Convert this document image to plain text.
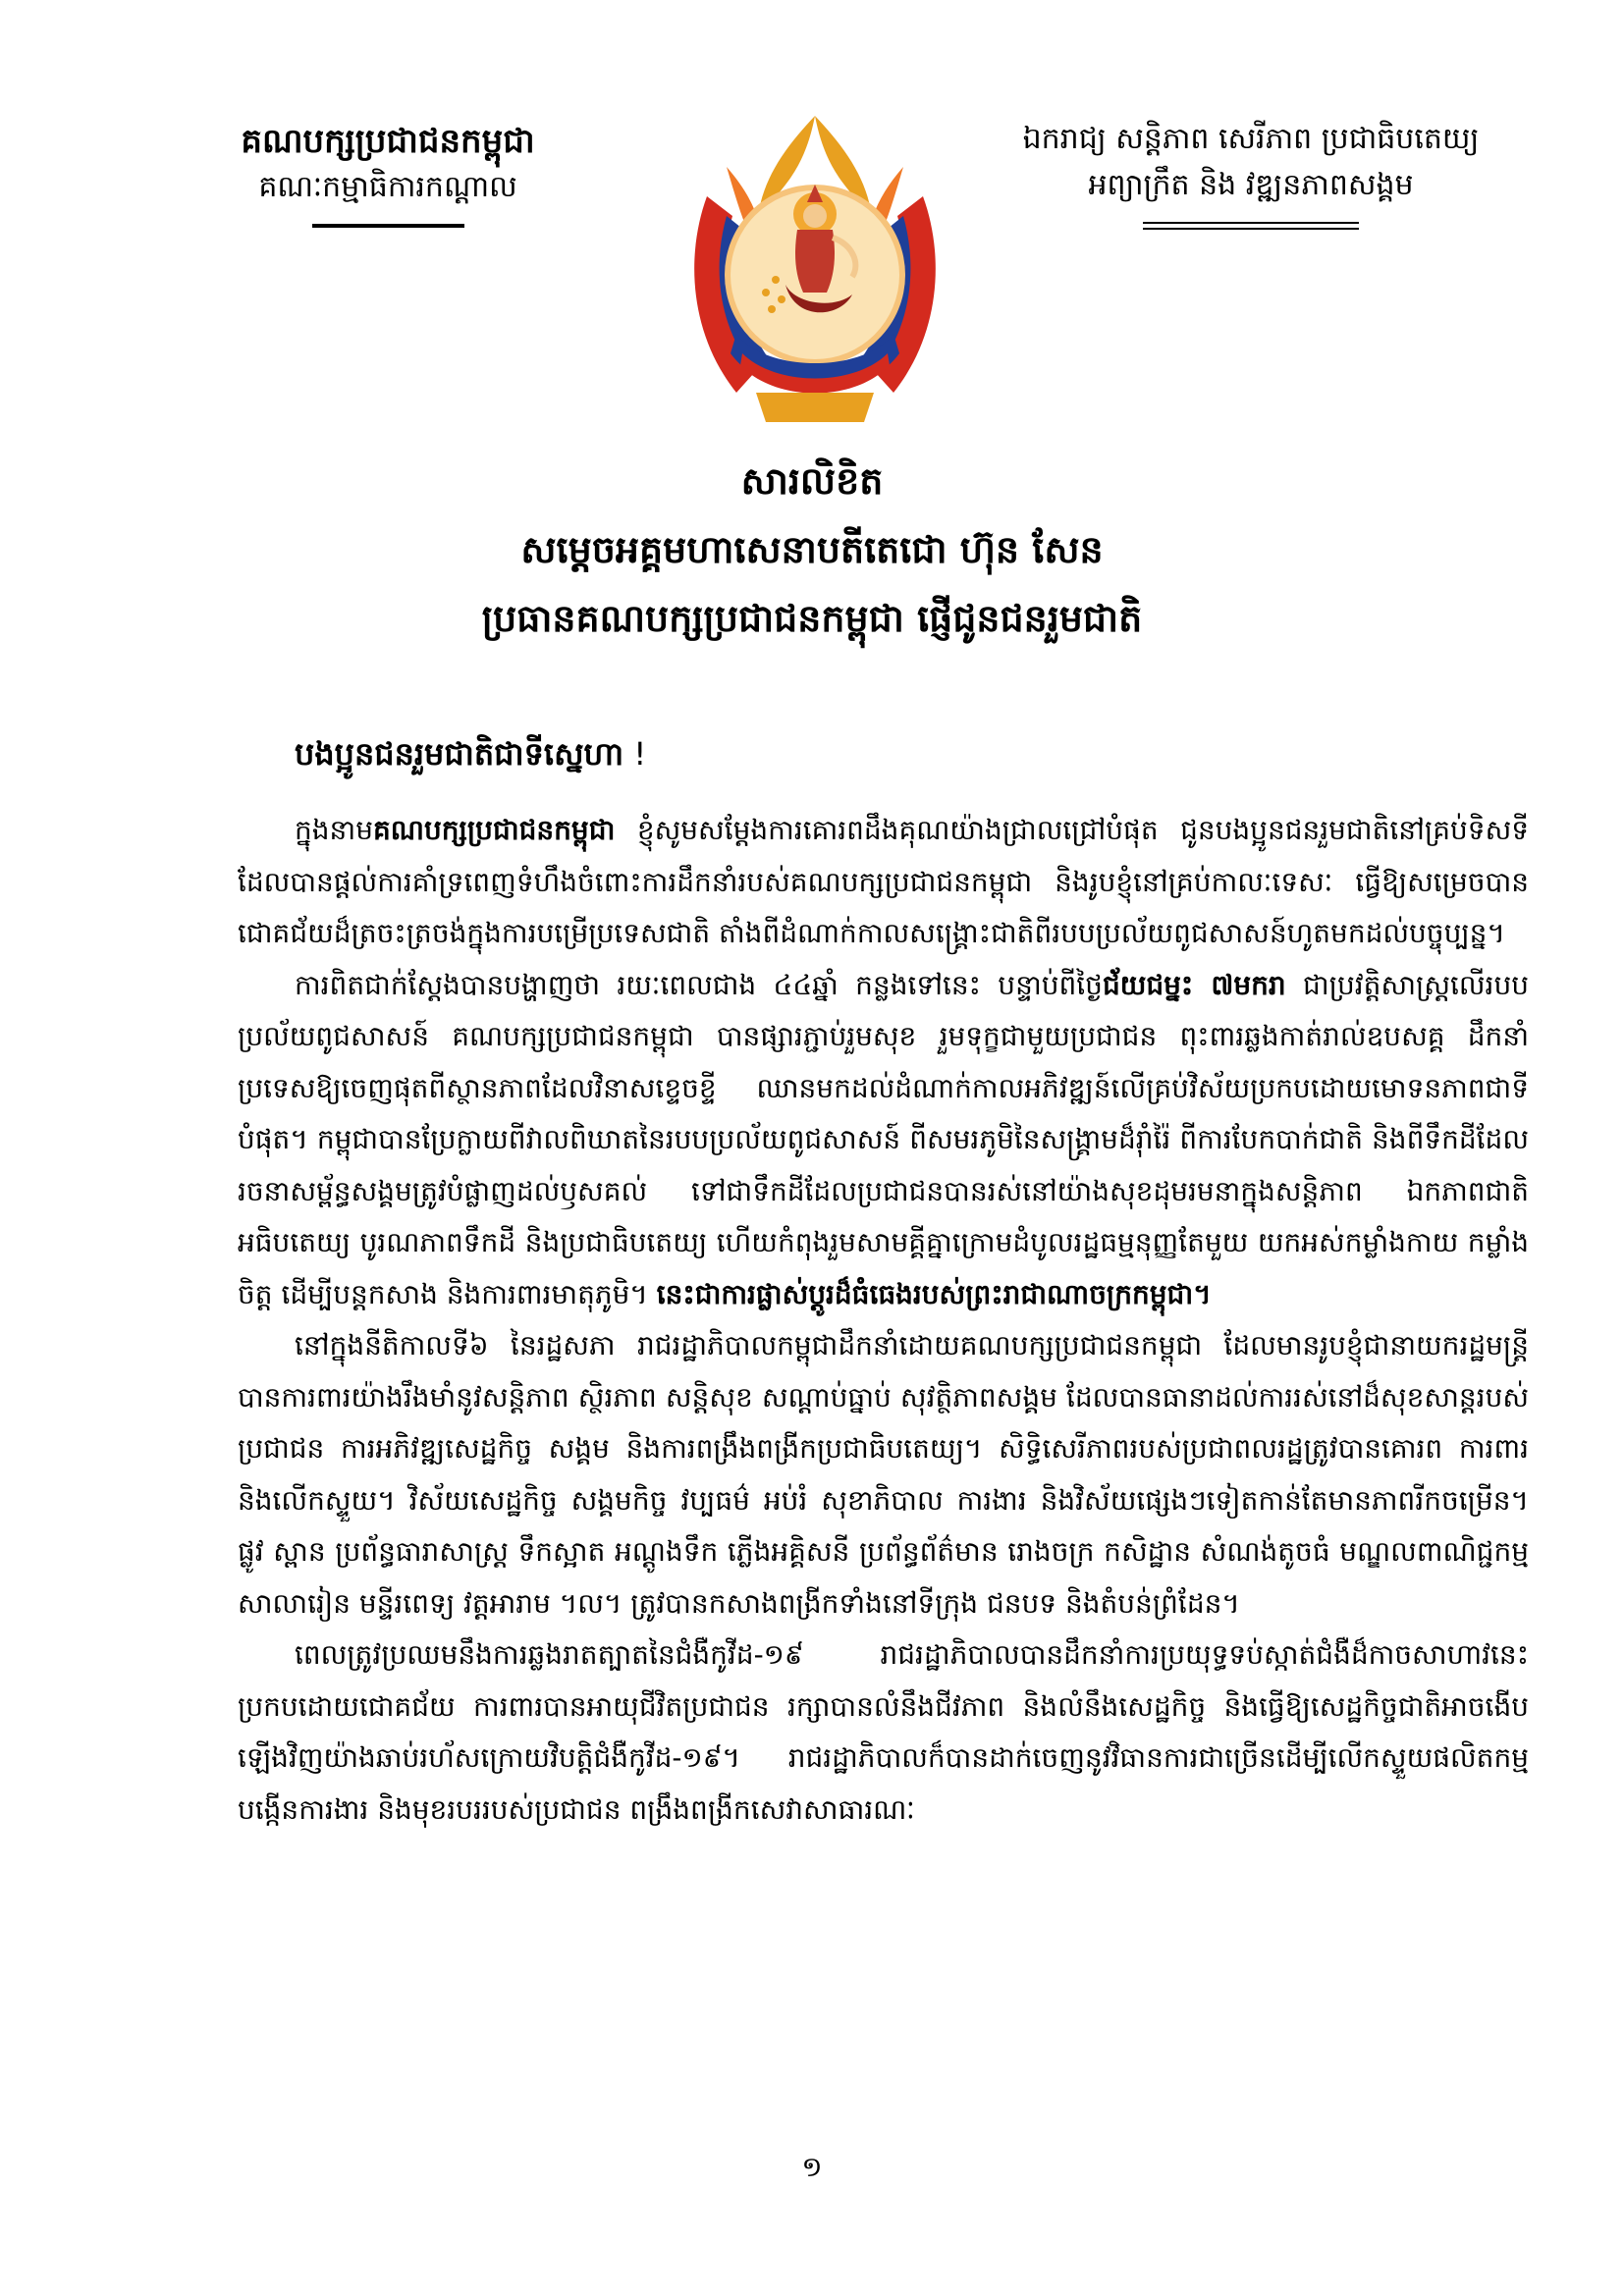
គណបក្សប្រជាជនកម្ពុជា
គណៈកម្មាធិការកណ្ដាល
ឯករាជ្យ សន្តិភាព សេរីភាព ប្រជាធិបតេយ្យ
អព្យាក្រឹត និង វឌ្ឍនភាពសង្គម
សារលិខិត
សម្តេចអគ្គមហាសេនាបតីតេជោ ហ៊ុន សែន
ប្រធានគណបក្សប្រជាជនកម្ពុជា ផ្ញើជូនជនរួមជាតិ
បងប្អូនជនរួមជាតិជាទីស្នេហា !

ក្នុងនាមគណបក្សប្រជាជនកម្ពុជា ខ្ញុំសូមសម្តែងការគោរពដឹងគុណយ៉ាងជ្រាលជ្រៅបំផុត ជូនបងប្អូនជនរួមជាតិនៅគ្រប់ទិសទីដែលបានផ្តល់ការគាំទ្រពេញទំហឹងចំពោះការដឹកនាំរបស់គណបក្សប្រជាជនកម្ពុជា និងរូបខ្ញុំនៅគ្រប់កាលៈទេសៈ ធ្វើឱ្យសម្រេចបានជោគជ័យដ៏ត្រចះត្រចង់ក្នុងការបម្រើប្រទេសជាតិ តាំងពីដំណាក់កាលសង្គ្រោះជាតិពីរបបប្រល័យពូជសាសន៍ហូតមកដល់បច្ចុប្បន្ន។

ការពិតជាក់ស្តែងបានបង្ហាញថា រយៈពេលជាង ៤៤ឆ្នាំ កន្លងទៅនេះ បន្ទាប់ពីថ្ងៃជ័យជម្នះ ៧មករា ជាប្រវត្តិសាស្ត្រលើរបបប្រល័យពូជសាសន៍ គណបក្សប្រជាជនកម្ពុជា បានផ្សារភ្ជាប់រួមសុខ រួមទុក្ខជាមួយប្រជាជន ពុះពារឆ្លងកាត់រាល់ឧបសគ្គ ដឹកនាំប្រទេសឱ្យចេញផុតពីស្ថានភាពដែលវិនាសខ្ទេចខ្ទី ឈានមកដល់ដំណាក់កាលអភិវឌ្ឍន៍លើគ្រប់វិស័យប្រកបដោយមោទនភាពជាទីបំផុត។ កម្ពុជាបានប្រែក្លាយពីវាលពិឃាតនៃរបបប្រល័យពូជសាសន៍ ពីសមរភូមិនៃសង្គ្រាមដ៏រ៉ាំរ៉ៃ ពីការបែកបាក់ជាតិ និងពីទឹកដីដែលរចនាសម្ព័ន្ធសង្គមត្រូវបំផ្លាញដល់ឫសគល់ ទៅជាទឹកដីដែលប្រជាជនបានរស់នៅយ៉ាងសុខដុមរមនាក្នុងសន្តិភាព ឯកភាពជាតិ អធិបតេយ្យ បូរណភាពទឹកដី និងប្រជាធិបតេយ្យ ហើយកំពុងរួមសាមគ្គីគ្នាក្រោមដំបូលរដ្ឋធម្មនុញ្ញតែមួយ យកអស់កម្លាំងកាយ កម្លាំងចិត្ត ដើម្បីបន្តកសាង និងការពារមាតុភូមិ។ នេះជាការផ្លាស់ប្តូរដ៏ធំធេងរបស់ព្រះរាជាណាចក្រកម្ពុជា។

នៅក្នុងនីតិកាលទី៦ នៃរដ្ឋសភា រាជរដ្ឋាភិបាលកម្ពុជាដឹកនាំដោយគណបក្សប្រជាជនកម្ពុជា ដែលមានរូបខ្ញុំជានាយករដ្ឋមន្ត្រី បានការពារយ៉ាងរឹងមាំនូវសន្តិភាព ស្ថិរភាព សន្តិសុខ សណ្តាប់ធ្នាប់ សុវត្ថិភាពសង្គម ដែលបានធានាដល់ការរស់នៅដ៏សុខសាន្តរបស់ប្រជាជន ការអភិវឌ្ឍសេដ្ឋកិច្ច សង្គម និងការពង្រឹងពង្រីកប្រជាធិបតេយ្យ។ សិទ្ធិសេរីភាពរបស់ប្រជាពលរដ្ឋត្រូវបានគោរព ការពារ និងលើកស្ទួយ។ វិស័យសេដ្ឋកិច្ច សង្គមកិច្ច វប្បធម៌ អប់រំ សុខាភិបាល ការងារ និងវិស័យផ្សេងៗទៀតកាន់តែមានភាពរីកចម្រើន។ ផ្លូវ ស្ពាន ប្រព័ន្ធធារាសាស្ត្រ ទឹកស្អាត អណ្តូងទឹក ភ្លើងអគ្គិសនី ប្រព័ន្ធព័ត៌មាន រោងចក្រ កសិដ្ឋាន សំណង់តូចធំ មណ្ឌលពាណិជ្ជកម្ម សាលារៀន មន្ទីរពេទ្យ វត្តអារាម ។ល។ ត្រូវបានកសាងពង្រីកទាំងនៅទីក្រុង ជនបទ និងតំបន់ព្រំដែន។

ពេលត្រូវប្រឈមនឹងការឆ្លងរាតត្បាតនៃជំងឺកូវីដ-១៩ រាជរដ្ឋាភិបាលបានដឹកនាំការប្រយុទ្ធទប់ស្កាត់ជំងឺដ៏កាចសាហាវនេះប្រកបដោយជោគជ័យ ការពារបានអាយុជីវិតប្រជាជន រក្សាបានលំនឹងជីវភាព និងលំនឹងសេដ្ឋកិច្ច និងធ្វើឱ្យសេដ្ឋកិច្ចជាតិអាចងើបឡើងវិញយ៉ាងឆាប់រហ័សក្រោយវិបត្តិជំងឺកូវីដ-១៩។ រាជរដ្ឋាភិបាលក៏បានដាក់ចេញនូវវិធានការជាច្រើនដើម្បីលើកស្ទួយផលិតកម្ម បង្កើនការងារ និងមុខរបររបស់ប្រជាជន ពង្រឹងពង្រីកសេវាសាធារណៈ

១
